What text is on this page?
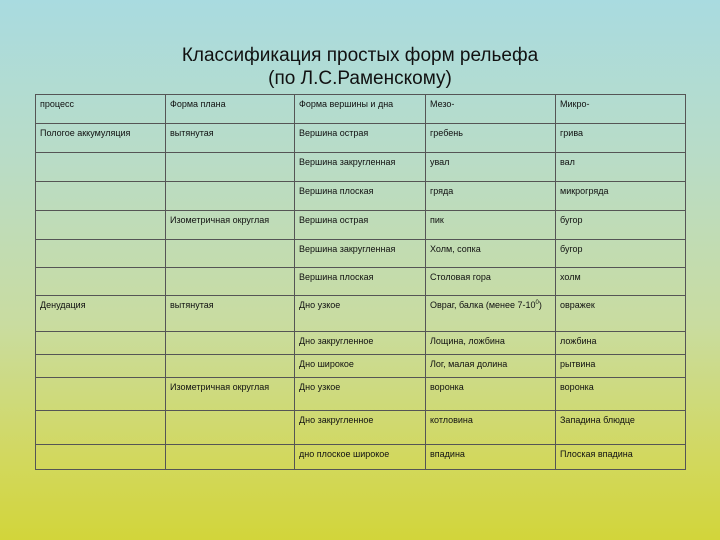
Классификация простых форм рельефа
(по Л.С.Раменскому)
процесс	Форма плана	Форма вершины и дна	Мезо-	Микро-
Пологое аккумуляция	вытянутая	Вершина острая	гребень	грива
		Вершина закругленная	увал	вал
		Вершина плоская	гряда	микрогряда
	Изометричная округлая	Вершина острая	пик	бугор
		Вершина закругленная	Холм, сопка	бугор
		Вершина плоская	Столовая гора	холм
Денудация	вытянутая	Дно узкое	Овраг, балка (менее $7-10^0$)	овражек
		Дно закругленное	Лощина, ложбина	ложбина
		Дно широкое	Лог, малая долина	рытвина
	Изометричная округлая	Дно узкое	воронка	воронка
		Дно закругленное	котловина	Западина блюдце
		дно плоское широкое	впадина	Плоская впадина
